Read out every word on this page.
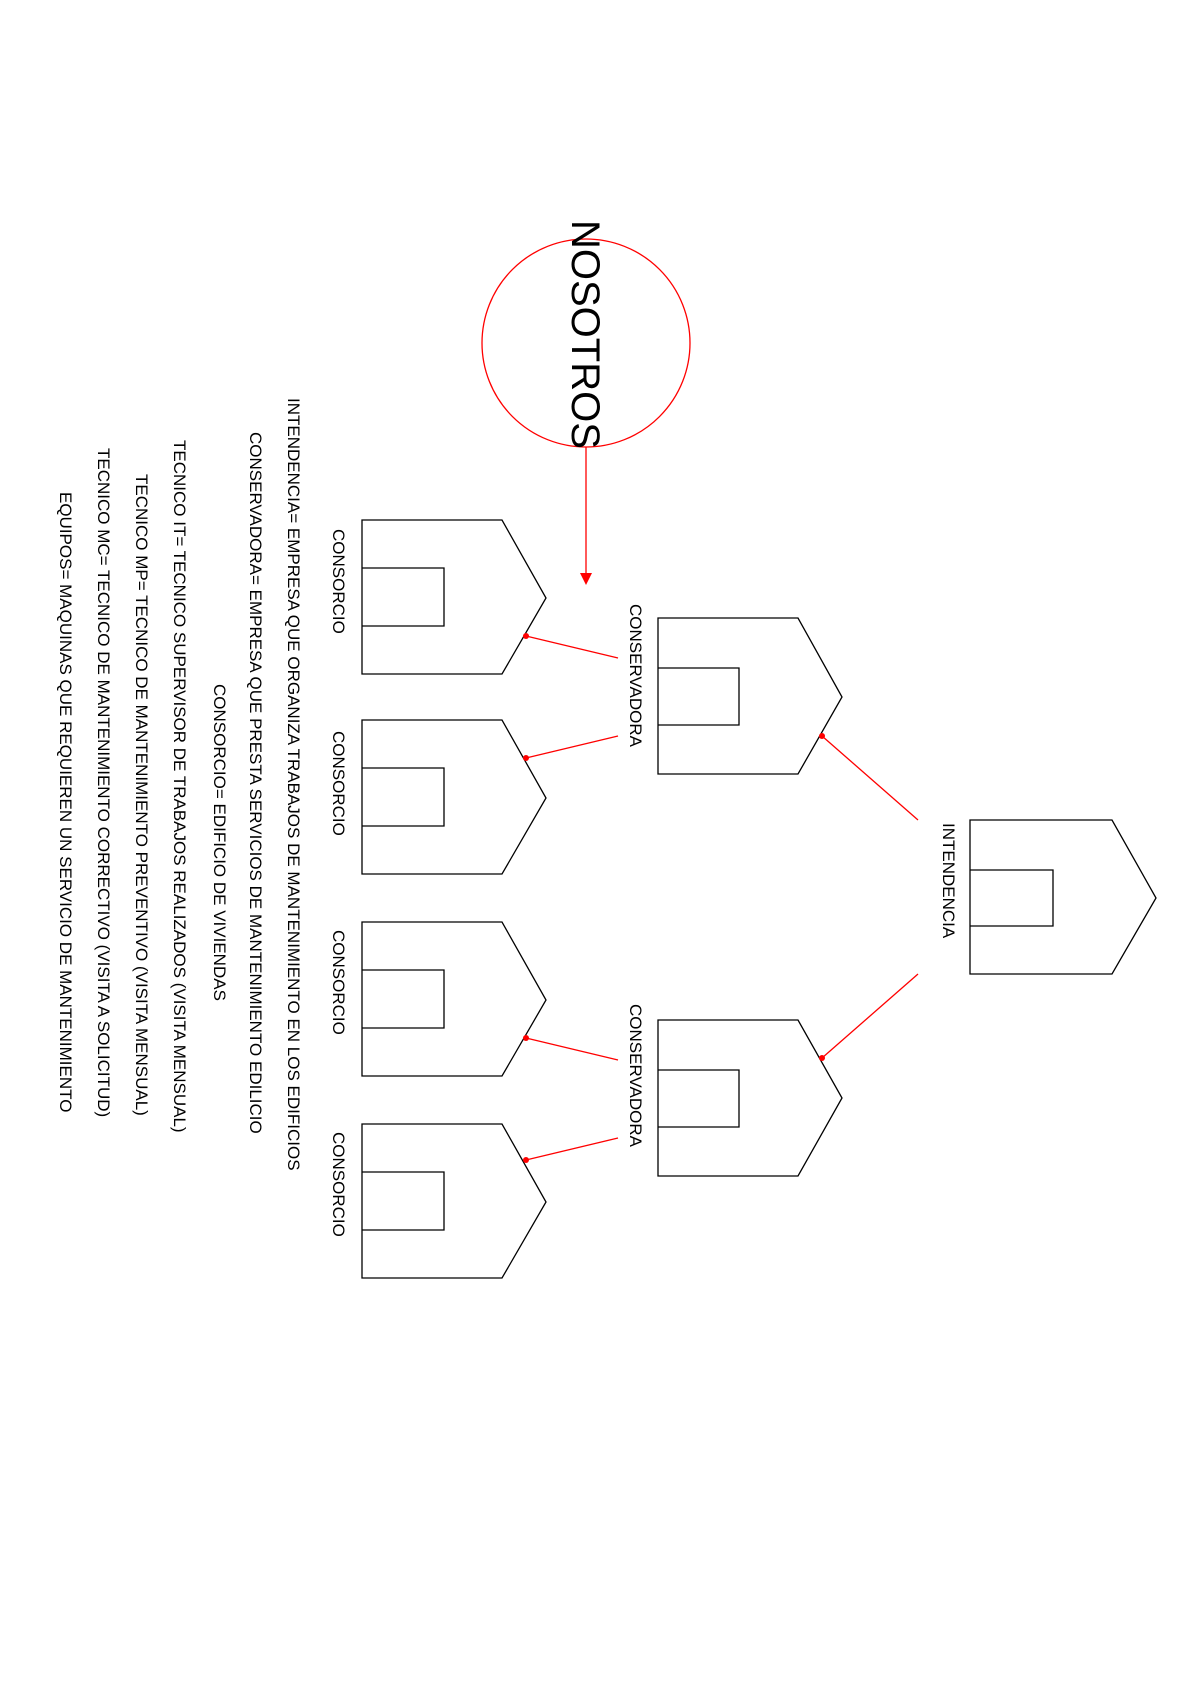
NOSOTROS
INTENDENCIA
CONSERVADORA
CONSERVADORA
CONSORCIO
CONSORCIO
CONSORCIO
CONSORCIO
INTENDENCIA= EMPRESA QUE ORGANIZA TRABAJOS DE MANTENIMIENTO EN LOS EDIFICIOS
CONSERVADORA= EMPRESA QUE PRESTA SERVICIOS DE MANTENIMIENTO EDILICIO
CONSORCIO= EDIFICIO DE VIVIENDAS
TECNICO IT= TECNICO SUPERVISOR DE TRABAJOS REALIZADOS (VISITA MENSUAL)
TECNICO MP= TECNICO DE MANTENIMIENTO PREVENTIVO (VISITA MENSUAL)
TECNICO MC= TECNICO DE MANTENIMIENTO CORRECTIVO (VISITA A SOLICITUD)
EQUIPOS= MAQUINAS QUE REQUIEREN UN SERVICIO DE MANTENIMIENTO
